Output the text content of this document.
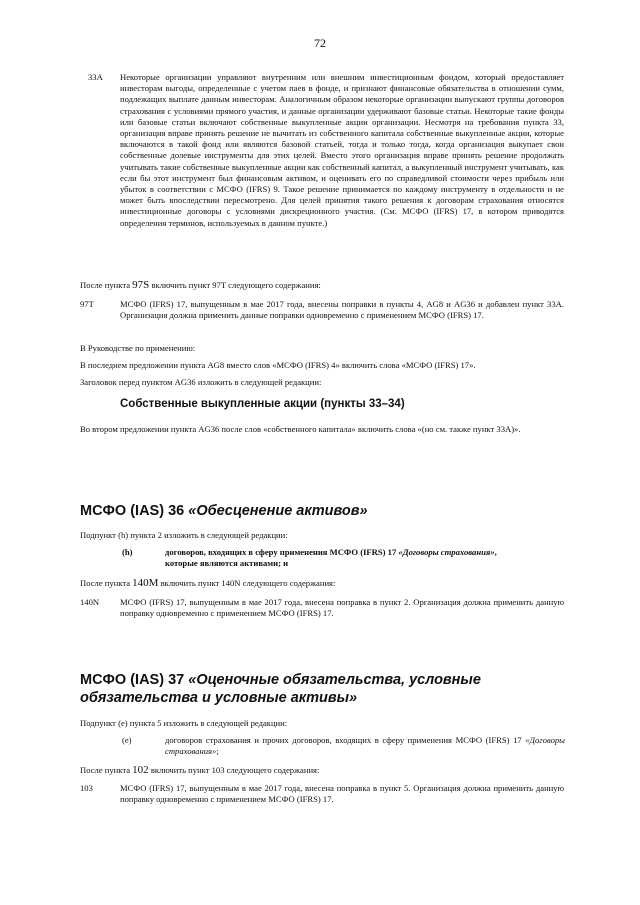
72
33A Некоторые организации управляют внутренним или внешним инвестиционным фондом, который предоставляет инвесторам выгоды, определенные с учетом паев в фонде, и признают финансовые обязательства в отношении сумм, подлежащих выплате данным инвесторам. Аналогичным образом некоторые организации выпускают группы договоров страхования с условиями прямого участия, и данные организации удерживают базовые статьи. Некоторые такие фонды или базовые статьи включают собственные выкупленные акции организации. Несмотря на требования пункта 33, организация вправе принять решение не вычитать из собственного капитала собственные выкупленные акции, которые включаются в такой фонд или являются базовой статьей, тогда и только тогда, когда организация выкупает свои собственные долевые инструменты для этих целей. Вместо этого организация вправе принять решение продолжать учитывать такие собственные выкупленные акции как собственный капитал, а выкупленный инструмент учитывать, как если бы этот инструмент был финансовым активом, и оценивать его по справедливой стоимости через прибыль или убыток в соответствии с МСФО (IFRS) 9. Такое решение принимается по каждому инструменту в отдельности и не может быть впоследствии пересмотрено. Для целей принятия такого решения к договорам страхования относятся инвестиционные договоры с условиями дискреционного участия. (См. МСФО (IFRS) 17, в котором приводятся определения терминов, используемых в данном пункте.)
После пункта 97S включить пункт 97T следующего содержания:
97T	МСФО (IFRS) 17, выпущенным в мае 2017 года, внесены поправки в пункты 4, AG8 и AG36 и добавлен пункт 33A. Организация должна применить данные поправки одновременно с применением МСФО (IFRS) 17.
В Руководстве по применению:
В последнем предложении пункта AG8 вместо слов «МСФО (IFRS) 4» включить слова «МСФО (IFRS) 17».
Заголовок перед пунктом AG36 изложить в следующей редакции:
Собственные выкупленные акции (пункты 33–34)
Во втором предложении пункта AG36 после слов «собственного капитала» включить слова «(но см. также пункт 33A)».
МСФО (IAS) 36 «Обесценение активов»
Подпункт (h) пункта 2 изложить в следующей редакции:
(h)	договоров, входящих в сферу применения МСФО (IFRS) 17 «Договоры страхования»,
которые являются активами; и
После пункта 140M включить пункт 140N следующего содержания:
140N МСФО (IFRS) 17, выпущенным в мае 2017 года, внесена поправка в пункт 2. Организация должна применить данную поправку одновременно с применением МСФО (IFRS) 17.
МСФО (IAS) 37 «Оценочные обязательства, условные
обязательства и условные активы»
Подпункт (e) пункта 5 изложить в следующей редакции:
(e)	договоров страхования и прочих договоров, входящих в сферу применения МСФО (IFRS) 17 «Договоры страхования»;
После пункта 102 включить пункт 103 следующего содержания:
103	МСФО (IFRS) 17, выпущенным в мае 2017 года, внесена поправка в пункт 5. Организация должна применить данную поправку одновременно с применением МСФО (IFRS) 17.
